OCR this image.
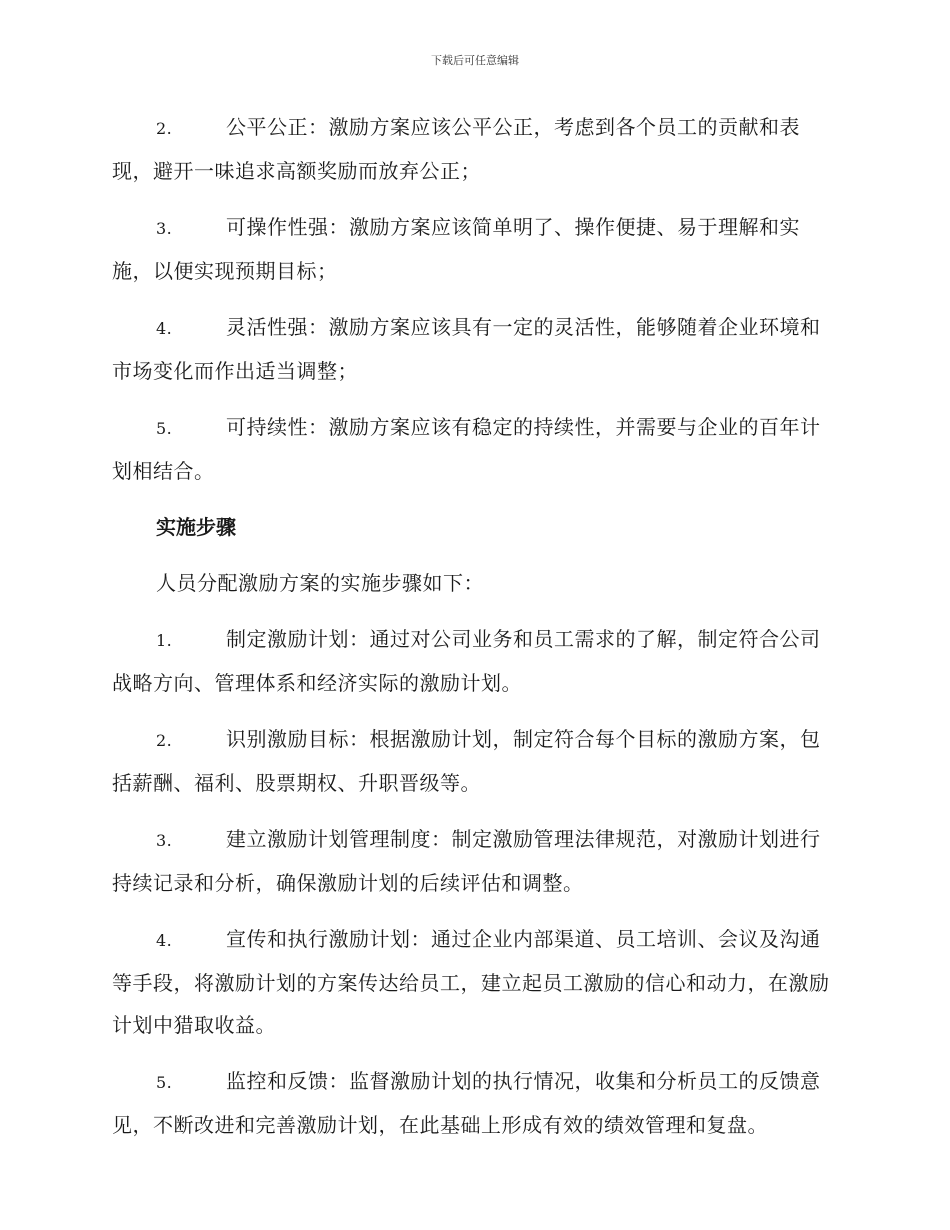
下载后可任意编辑

2.	公平公正：激励方案应该公平公正，考虑到各个员工的贡献和表现，避开一味追求高额奖励而放弃公正；

3.	可操作性强：激励方案应该简单明了、操作便捷、易于理解和实施，以便实现预期目标；

4.	灵活性强：激励方案应该具有一定的灵活性，能够随着企业环境和市场变化而作出适当调整；

5.	可持续性：激励方案应该有稳定的持续性，并需要与企业的百年计划相结合。

实施步骤

人员分配激励方案的实施步骤如下：

1.	制定激励计划：通过对公司业务和员工需求的了解，制定符合公司战略方向、管理体系和经济实际的激励计划。

2.	识别激励目标：根据激励计划，制定符合每个目标的激励方案，包括薪酬、福利、股票期权、升职晋级等。

3.	建立激励计划管理制度：制定激励管理法律规范，对激励计划进行持续记录和分析，确保激励计划的后续评估和调整。

4.	宣传和执行激励计划：通过企业内部渠道、员工培训、会议及沟通等手段，将激励计划的方案传达给员工，建立起员工激励的信心和动力，在激励计划中猎取收益。

5.	监控和反馈：监督激励计划的执行情况，收集和分析员工的反馈意见，不断改进和完善激励计划，在此基础上形成有效的绩效管理和复盘。
